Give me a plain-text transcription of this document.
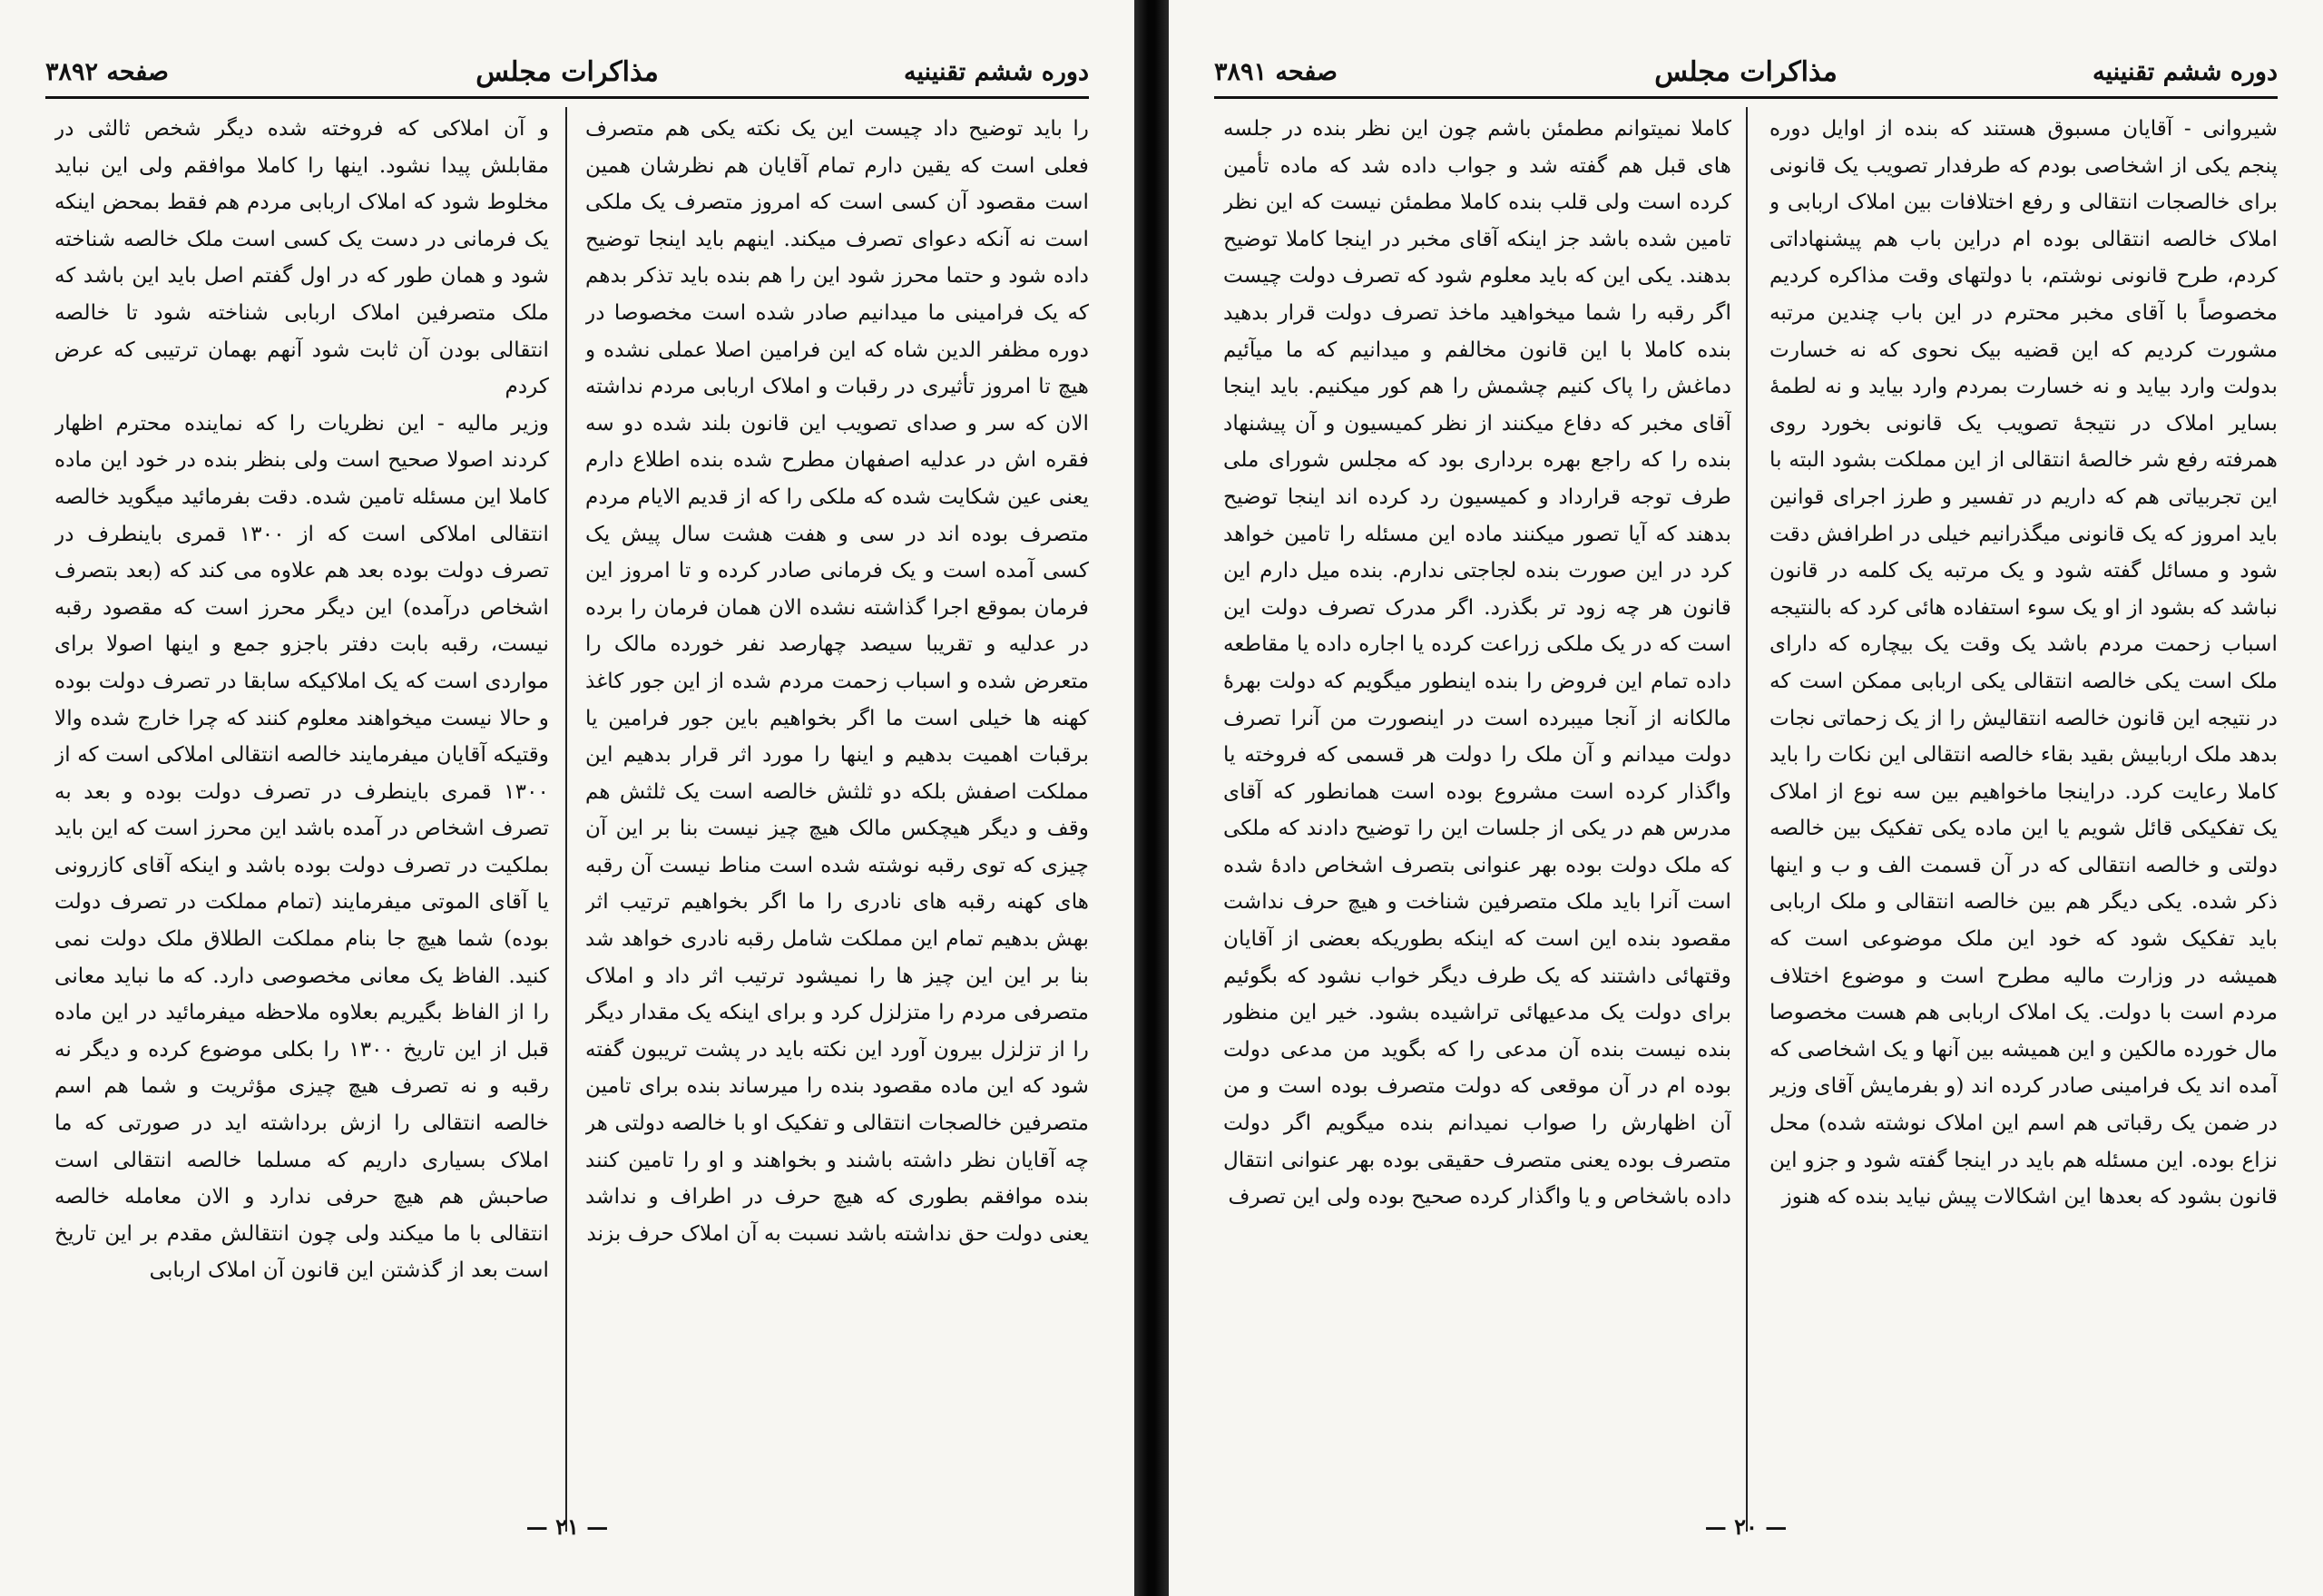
دوره ششم تقنینیه
مذاکرات مجلس
صفحه ۳۸۹۲

را باید توضیح داد چیست این یک نکته یکی هم متصرف فعلی است که یقین دارم تمام آقایان هم نظرشان همین است مقصود آن کسی است که امروز متصرف یک ملکی است نه آنکه دعوای تصرف میکند. اینهم باید اینجا توضیح داده شود و حتما محرز شود این را هم بنده باید تذکر بدهم که یک فرامینی ما میدانیم صادر شده است مخصوصا در دوره مظفر الدین شاه که این فرامین اصلا عملی نشده و هیچ تا امروز تأثیری در رقبات و املاک اربابی مردم نداشته الان که سر و صدای تصویب این قانون بلند شده دو سه فقره اش در عدلیه اصفهان مطرح شده بنده اطلاع دارم یعنی عین شکایت شده که ملکی را که از قدیم الایام مردم متصرف بوده اند در سی و هفت هشت سال پیش یک کسی آمده است و یک فرمانی صادر کرده و تا امروز این فرمان بموقع اجرا گذاشته نشده الان همان فرمان را برده در عدلیه و تقریبا سیصد چهارصد نفر خورده مالک را متعرض شده و اسباب زحمت مردم شده از این جور کاغذ کهنه ها خیلی است ما اگر بخواهیم باین جور فرامین یا برقبات اهمیت بدهیم و اینها را مورد اثر قرار بدهیم این مملکت اصفش بلکه دو ثلثش خالصه است یک ثلثش هم وقف و دیگر هیچکس مالک هیچ چیز نیست بنا بر این آن چیزی که توی رقبه نوشته شده است مناط نیست آن رقبه های کهنه رقبه های نادری را ما اگر بخواهیم ترتیب اثر بهش بدهیم تمام این مملکت شامل رقبه نادری خواهد شد بنا بر این این چیز ها را نمیشود ترتیب اثر داد و املاک متصرفی مردم را متزلزل کرد و برای اینکه یک مقدار دیگر را از تزلزل بیرون آورد این نکته باید در پشت تریبون گفته شود که این ماده مقصود بنده را میرساند بنده برای تامین متصرفین خالصجات انتقالی و تفکیک او با خالصه دولتی هر چه آقایان نظر داشته باشند و بخواهند و او را تامین کنند بنده موافقم بطوری که هیچ حرف در اطراف و نداشد یعنی دولت حق نداشته باشد نسبت به آن املاک حرف بزند

و آن املاکی که فروخته شده دیگر شخص ثالثی در مقابلش پیدا نشود. اینها را کاملا موافقم ولی این نباید مخلوط شود که املاک اربابی مردم هم فقط بمحض اینکه یک فرمانی در دست یک کسی است ملک خالصه شناخته شود و همان طور که در اول گفتم اصل باید این باشد که ملک متصرفین املاک اربابی شناخته شود تا خالصه انتقالی بودن آن ثابت شود آنهم بهمان ترتیبی که عرض کردم

وزیر مالیه - این نظریات را که نماینده محترم اظهار کردند اصولا صحیح است ولی بنظر بنده در خود این ماده کاملا این مسئله تامین شده. دقت بفرمائید میگوید خالصه انتقالی املاکی است که از ۱۳۰۰ قمری باینطرف در تصرف دولت بوده بعد هم علاوه می کند که (بعد بتصرف اشخاص درآمده) این دیگر محرز است که مقصود رقبه نیست، رقبه بابت دفتر باجزو جمع و اینها اصولا برای مواردی است که یک املاکیکه سابقا در تصرف دولت بوده و حالا نیست میخواهند معلوم کنند که چرا خارج شده والا وقتیکه آقایان میفرمایند خالصه انتقالی املاکی است که از ۱۳۰۰ قمری باینطرف در تصرف دولت بوده و بعد به تصرف اشخاص در آمده باشد این محرز است که این باید بملکیت در تصرف دولت بوده باشد و اینکه آقای کازرونی یا آقای الموتی میفرمایند (تمام مملکت در تصرف دولت بوده) شما هیچ جا بنام مملکت الطلاق ملک دولت نمی کنید. الفاظ یک معانی مخصوصی دارد. که ما نباید معانی را از الفاظ بگیریم بعلاوه ملاحظه میفرمائید در این ماده قبل از این تاریخ ۱۳۰۰ را بکلی موضوع کرده و دیگر نه رقبه و نه تصرف هیچ چیزی مؤثریت و شما هم اسم خالصه انتقالی را ازش برداشته اید در صورتی که ما املاک بسیاری داریم که مسلما خالصه انتقالی است صاحبش هم هیچ حرفی ندارد و الان معامله خالصه انتقالی با ما میکند ولی چون انتقالش مقدم بر این تاریخ است بعد از گذشتن این قانون آن املاک اربابی

— ۲۱ —
دوره ششم تقنینیه
مذاکرات مجلس
صفحه ۳۸۹۱

شیروانی - آقایان مسبوق هستند که بنده از اوایل دوره پنجم یکی از اشخاصی بودم که طرفدار تصویب یک قانونی برای خالصجات انتقالی و رفع اختلافات بین املاک اربابی و املاک خالصه انتقالی بوده ام دراین باب هم پیشنهاداتی کردم، طرح قانونی نوشتم، با دولتهای وقت مذاکره کردیم مخصوصاً با آقای مخبر محترم در این باب چندین مرتبه مشورت کردیم که این قضیه بیک نحوی که نه خسارت بدولت وارد بیاید و نه خسارت بمردم وارد بیاید و نه لطمهٔ بسایر املاک در نتیجهٔ تصویب یک قانونی بخورد روی همرفته رفع شر خالصهٔ انتقالی از این مملکت بشود البته با این تجربیاتی هم که داریم در تفسیر و طرز اجرای قوانین باید امروز که یک قانونی میگذرانیم خیلی در اطرافش دقت شود و مسائل گفته شود و یک مرتبه یک کلمه در قانون نباشد که بشود از او یک سوء استفاده هائی کرد که بالنتیجه اسباب زحمت مردم باشد یک وقت یک بیچاره که دارای ملک است یکی خالصه انتقالی یکی اربابی ممکن است که در نتیجه این قانون خالصه انتقالیش را از یک زحماتی نجات بدهد ملک اربابیش بقید بقاء خالصه انتقالی این نکات را باید کاملا رعایت کرد. دراینجا ماخواهیم بین سه نوع از املاک یک تفکیکی قائل شویم یا این ماده یکی تفکیک بین خالصه دولتی و خالصه انتقالی که در آن قسمت الف و ب و اینها ذکر شده. یکی دیگر هم بین خالصه انتقالی و ملک اربابی باید تفکیک شود که خود این ملک موضوعی است که همیشه در وزارت مالیه مطرح است و موضوع اختلاف مردم است با دولت. یک املاک اربابی هم هست مخصوصا مال خورده مالکین و این همیشه بین آنها و یک اشخاصی که آمده اند یک فرامینی صادر کرده اند (و بفرمایش آقای وزیر در ضمن یک رقباتی هم اسم این املاک نوشته شده) محل نزاع بوده. این مسئله هم باید در اینجا گفته شود و جزو این قانون بشود که بعدها این اشکالات پیش نیاید بنده که هنوز

کاملا نمیتوانم مطمئن باشم چون این نظر بنده در جلسه های قبل هم گفته شد و جواب داده شد که ماده تأمین کرده است ولی قلب بنده کاملا مطمئن نیست که این نظر تامین شده باشد جز اینکه آقای مخبر در اینجا کاملا توضیح بدهند. یکی این که باید معلوم شود که تصرف دولت چیست اگر رقبه را شما میخواهید ماخذ تصرف دولت قرار بدهید بنده کاملا با این قانون مخالفم و میدانیم که ما میآئیم دماغش را پاک کنیم چشمش را هم کور میکنیم. باید اینجا آقای مخبر که دفاع میکنند از نظر کمیسیون و آن پیشنهاد بنده را که راجع بهره برداری بود که مجلس شورای ملی طرف توجه قرارداد و کمیسیون رد کرده اند اینجا توضیح بدهند که آیا تصور میکنند ماده این مسئله را تامین خواهد کرد در این صورت بنده لجاجتی ندارم. بنده میل دارم این قانون هر چه زود تر بگذرد. اگر مدرک تصرف دولت این است که در یک ملکی زراعت کرده یا اجاره داده یا مقاطعه داده تمام این فروض را بنده اینطور میگویم که دولت بهرهٔ مالکانه از آنجا میبرده است در اینصورت من آنرا تصرف دولت میدانم و آن ملک را دولت هر قسمی که فروخته یا واگذار کرده است مشروع بوده است همانطور که آقای مدرس هم در یکی از جلسات این را توضیح دادند که ملکی که ملک دولت بوده بهر عنوانی بتصرف اشخاص دادهٔ شده است آنرا باید ملک متصرفین شناخت و هیچ حرف نداشت مقصود بنده این است که اینکه بطوریکه بعضی از آقایان وقتهائی داشتند که یک طرف دیگر خواب نشود که بگوئیم برای دولت یک مدعیهائی تراشیده بشود. خیر این منظور بنده نیست بنده آن مدعی را که بگوید من مدعی دولت بوده ام در آن موقعی که دولت متصرف بوده است و من آن اظهارش را صواب نمیدانم بنده میگویم اگر دولت متصرف بوده یعنی متصرف حقیقی بوده بهر عنوانی انتقال داده باشخاص و یا واگذار کرده صحیح بوده ولی این تصرف

— ۲۰ —
